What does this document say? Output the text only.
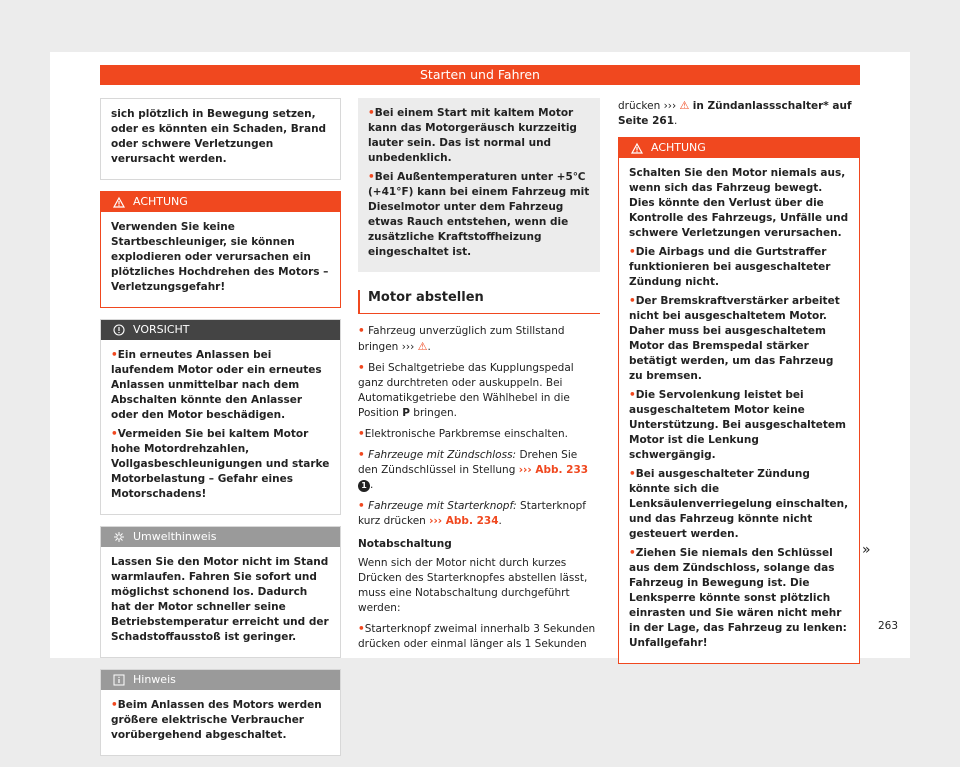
Starten und Fahren

sich plötzlich in Bewegung setzen, oder es könnten ein Schaden, Brand oder schwere Verletzungen verursacht werden.

ACHTUNG

Verwenden Sie keine Startbeschleuniger, sie können explodieren oder verursachen ein plötzliches Hochdrehen des Motors – Verletzungsgefahr!

VORSICHT

• Ein erneutes Anlassen bei laufendem Motor oder ein erneutes Anlassen unmittelbar nach dem Abschalten könnte den Anlasser oder den Motor beschädigen.

• Vermeiden Sie bei kaltem Motor hohe Motordrehzahlen, Vollgasbeschleunigungen und starke Motorbelastung – Gefahr eines Motorschadens!

Umwelthinweis

Lassen Sie den Motor nicht im Stand warmlaufen. Fahren Sie sofort und möglichst schonend los. Dadurch hat der Motor schneller seine Betriebstemperatur erreicht und der Schadstoffausstoß ist geringer.

Hinweis

• Beim Anlassen des Motors werden größere elektrische Verbraucher vorübergehend abgeschaltet.

• Bei einem Start mit kaltem Motor kann das Motorgeräusch kurzzeitig lauter sein. Das ist normal und unbedenklich.

• Bei Außentemperaturen unter +5℃ (+41°F) kann bei einem Fahrzeug mit Dieselmotor unter dem Fahrzeug etwas Rauch entstehen, wenn die zusätzliche Kraftstoffheizung eingeschaltet ist.

Motor abstellen
• Fahrzeug unverzüglich zum Stillstand bringen ››› ⚠.
• Bei Schaltgetriebe das Kupplungspedal ganz durchtreten oder auskuppeln. Bei Automatikgetriebe den Wählhebel in die Position P bringen.
• Elektronische Parkbremse einschalten.
• Fahrzeuge mit Zündschloss: Drehen Sie den Zündschlüssel in Stellung ››› Abb. 233 1 .
• Fahrzeuge mit Starterknopf: Starterknopf kurz drücken ››› Abb. 234.
Notabschaltung

Wenn sich der Motor nicht durch kurzes Drücken des Starterknopfes abstellen lässt, muss eine Notabschaltung durchgeführt werden:

• Starterknopf zweimal innerhalb 3 Sekunden drücken oder einmal länger als 1 Sekunden

drücken ››› ⚠ in Zündanlassschalter* auf Seite 261.

ACHTUNG

Schalten Sie den Motor niemals aus, wenn sich das Fahrzeug bewegt. Dies könnte den Verlust über die Kontrolle des Fahrzeugs, Unfälle und schwere Verletzungen verursachen.

• Die Airbags und die Gurtstraffer funktionieren bei ausgeschalteter Zündung nicht.

• Der Bremskraftverstärker arbeitet nicht bei ausgeschaltetem Motor. Daher muss bei ausgeschaltetem Motor das Bremspedal stärker betätigt werden, um das Fahrzeug zu bremsen.

• Die Servolenkung leistet bei ausgeschaltetem Motor keine Unterstützung. Bei ausgeschaltetem Motor ist die Lenkung schwergängig.

• Bei ausgeschalteter Zündung könnte sich die Lenksäulenverriegelung einschalten, und das Fahrzeug könnte nicht gesteuert werden.

• Ziehen Sie niemals den Schlüssel aus dem Zündschloss, solange das Fahrzeug in Bewegung ist. Die Lenksperre könnte sonst plötzlich einrasten und Sie wären nicht mehr in der Lage, das Fahrzeug zu lenken: Unfallgefahr!

»
263
